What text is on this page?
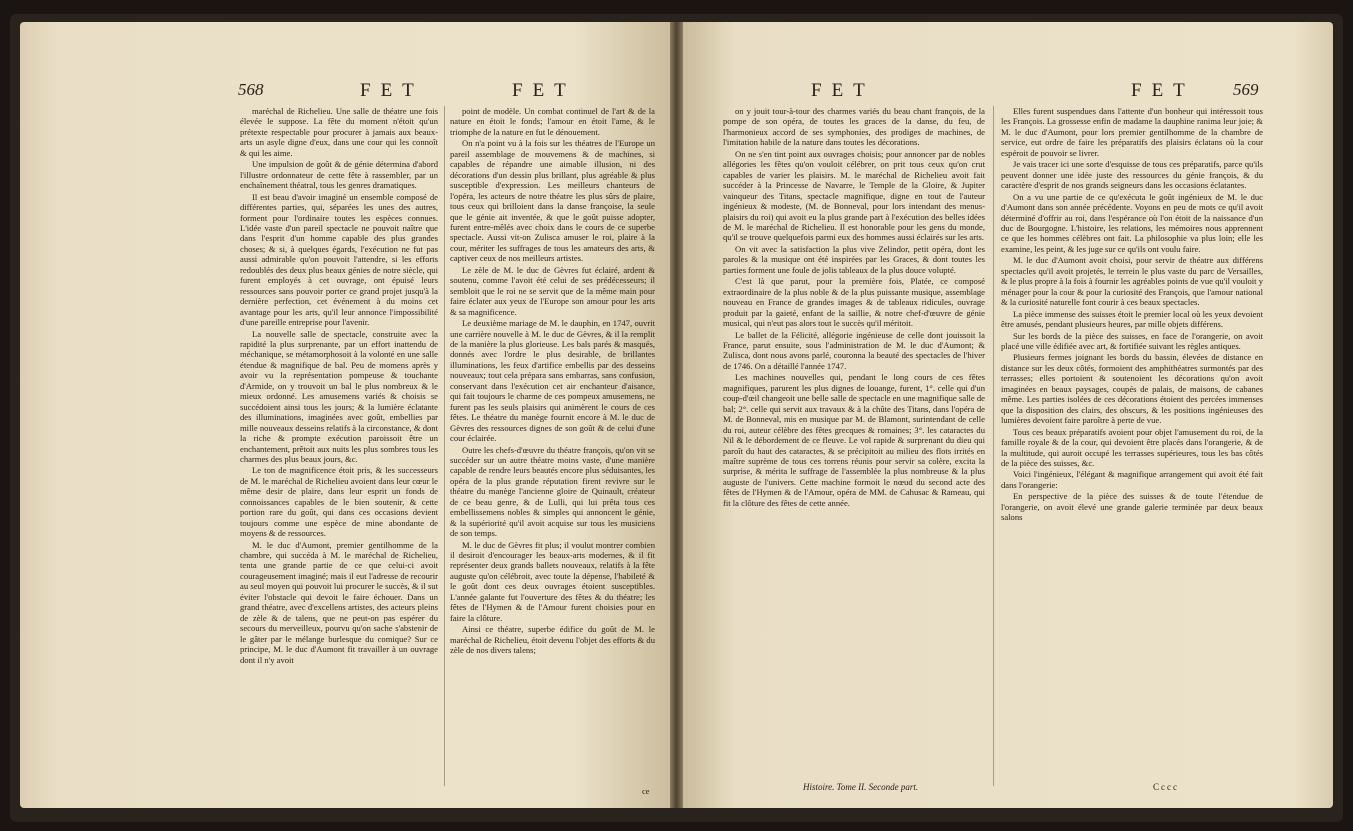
568	FET	FET

maréchal de Richelieu. Une salle de théatre une fois élevée le suppose. La fête du moment n'étoit qu'un prétexte respectable pour procurer à jamais aux beaux-arts un asyle digne d'eux, dans une cour qui les connoît & qui les aime.

Une impulsion de goût & de génie détermina d'abord l'illustre ordonnateur de cette fête à rassembler, par un enchaînement théatral, tous les genres dramatiques.

Il est beau d'avoir imaginé un ensemble composé de différentes parties, qui, séparées les unes des autres, forment pour l'ordinaire toutes les espèces connues. L'idée vaste d'un pareil spectacle ne pouvoit naître que dans l'esprit d'un homme capable des plus grandes choses; & si, à quelques égards, l'exécution ne fut pas aussi admirable qu'on pouvoit l'attendre, si les efforts redoublés des deux plus beaux génies de notre siècle, qui furent employés à cet ouvrage, ont épuisé leurs ressources sans pouvoir porter ce grand projet jusqu'à la dernière perfection, cet événement à du moins cet avantage pour les arts, qu'il leur annonce l'impossibilité d'une pareille entreprise pour l'avenir.

La nouvelle salle de spectacle, construite avec la rapidité la plus surprenante, par un effort inattendu de méchanique, se métamorphosoit à la volonté en une salle étendue & magnifique de bal. Peu de momens après y avoir vu la représentation pompeuse & touchante d'Armide, on y trouvoit un bal le plus nombreux & le mieux ordonné. Les amusemens variés & choisis se succédoient ainsi tous les jours; & la lumière éclatante des illuminations, imaginées avec goût, embellies par mille nouveaux desseins relatifs à la circonstance, & dont la riche & prompte exécution paroissoit être un enchantement, prêtoit aux nuits les plus sombres tous les charmes des plus beaux jours, &c.

Le ton de magnificence étoit pris, & les successeurs de M. le maréchal de Richelieu avoient dans leur cœur le même desir de plaire, dans leur esprit un fonds de connoissances capables de le bien soutenir, & cette portion rare du goût, qui dans ces occasions devient toujours comme une espèce de mine abondante de moyens & de ressources.

M. le duc d'Aumont, premier gentilhomme de la chambre, qui succéda à M. le maréchal de Richelieu, tenta une grande partie de ce que celui-ci avoit courageusement imaginé; mais il eut l'adresse de recourir au seul moyen qui pouvoit lui procurer le succès, & il sut éviter l'obstacle qui devoit le faire échouer. Dans un grand théatre, avec d'excellens artistes, des acteurs pleins de zèle & de talens, que ne peut-on pas espérer du secours du merveilleux, pourvu qu'on sache s'abstenir de le gâter par le mélange burlesque du comique? Sur ce principe, M. le duc d'Aumont fit travailler à un ouvrage dont il n'y avoit

point de modèle. Un combat continuel de l'art & de la nature en étoit le fonds; l'amour en étoit l'ame, & le triomphe de la nature en fut le dénouement.

On n'a point vu à la fois sur les théatres de l'Europe un pareil assemblage de mouvemens & de machines, si capables de répandre une aimable illusion, ni des décorations d'un dessin plus brillant, plus agréable & plus susceptible d'expression. Les meilleurs chanteurs de l'opéra, les acteurs de notre théatre les plus sûrs de plaire, tous ceux qui brilloient dans la danse françoise, la seule que le génie ait inventée, & que le goût puisse adopter, furent entre-mêlés avec choix dans le cours de ce superbe spectacle. Aussi vit-on Zulisca amuser le roi, plaire à la cour, mériter les suffrages de tous les amateurs des arts, & captiver ceux de nos meilleurs artistes.

Le zèle de M. le duc de Gèvres fut éclairé, ardent & soutenu, comme l'avoit été celui de ses prédécesseurs; il sembloit que le roi ne se servit que de la même main pour faire éclater aux yeux de l'Europe son amour pour les arts & sa magnificence.

Le deuxième mariage de M. le dauphin, en 1747, ouvrit une carrière nouvelle à M. le duc de Gèvres, & il la remplit de la manière la plus glorieuse. Les bals parés & masqués, donnés avec l'ordre le plus desirable, de brillantes illuminations, les feux d'artifice embellis par des desseins nouveaux; tout cela prépara sans embarras, sans confusion, conservant dans l'exécution cet air enchanteur d'aisance, qui fait toujours le charme de ces pompeux amusemens, ne furent pas les seuls plaisirs qui animèrent le cours de ces fêtes. Le théatre du manège fournit encore à M. le duc de Gèvres des ressources dignes de son goût & de celui d'une cour éclairée.

Outre les chefs-d'œuvre du théatre françois, qu'on vit se succéder sur un autre théatre moins vaste, d'une manière capable de rendre leurs beautés encore plus séduisantes, les opéra de la plus grande réputation firent revivre sur le théatre du manège l'ancienne gloire de Quinault, créateur de ce beau genre, & de Lulli, qui lui prêta tous ces embellissemens nobles & simples qui annoncent le génie, & la supériorité qu'il avoit acquise sur tous les musiciens de son temps.

M. le duc de Gèvres fit plus; il voulut montrer combien il desiroit d'encourager les beaux-arts modernes, & il fit représenter deux grands ballets nouveaux, relatifs à la fête auguste qu'on célébroit, avec toute la dépense, l'habileté & le goût dont ces deux ouvrages étoient susceptibles. L'année galante fut l'ouverture des fêtes & du théatre; les fêtes de l'Hymen & de l'Amour furent choisies pour en faire la clôture.

Ainsi ce théatre, superbe édifice du goût de M. le maréchal de Richelieu, étoit devenu l'objet des efforts & du zèle de nos divers talens;

ce
FET	FET 569

on y jouit tour-à-tour des charmes variés du beau chant françois, de la pompe de son opéra, de toutes les graces de la danse, du feu, de l'harmonieux accord de ses symphonies, des prodiges de machines, de l'imitation habile de la nature dans toutes les décorations.

On ne s'en tint point aux ouvrages choisis; pour annoncer par de nobles allégories les fêtes qu'on vouloit célébrer, on prit tous ceux qu'on crut capables de varier les plaisirs. M. le maréchal de Richelieu avoit fait succéder à la Princesse de Navarre, le Temple de la Gloire, & Jupiter vainqueur des Titans, spectacle magnifique, digne en tout de l'auteur ingénieux & modeste, (M. de Bonneval, pour lors intendant des menus-plaisirs du roi) qui avoit eu la plus grande part à l'exécution des belles idées de M. le maréchal de Richelieu. Il est honorable pour les gens du monde, qu'il se trouve quelquefois parmi eux des hommes aussi éclairés sur les arts.

On vit avec la satisfaction la plus vive Zelindor, petit opéra, dont les paroles & la musique ont été inspirées par les Graces, & dont toutes les parties forment une foule de jolis tableaux de la plus douce volupté.

C'est là que parut, pour la première fois, Platée, ce composé extraordinaire de la plus noble & de la plus puissante musique, assemblage nouveau en France de grandes images & de tableaux ridicules, ouvrage produit par la gaieté, enfant de la saillie, & notre chef-d'œuvre de génie musical, qui n'eut pas alors tout le succès qu'il méritoit.

Le ballet de la Félicité, allégorie ingénieuse de celle dont jouissoit la France, parut ensuite, sous l'administration de M. le duc d'Aumont; & Zulisca, dont nous avons parlé, couronna la beauté des spectacles de l'hiver de 1746. On a détaillé l'année 1747.

Les machines nouvelles qui, pendant le long cours de ces fêtes magnifiques, parurent les plus dignes de louange, furent, 1°. celle qui d'un coup-d'œil changeoit une belle salle de spectacle en une magnifique salle de bal; 2°. celle qui servit aux travaux & à la chûte des Titans, dans l'opéra de M. de Bonneval, mis en musique par M. de Blamont, surintendant de celle du roi, auteur célèbre des fêtes grecques & romaines; 3°. les cataractes du Nil & le débordement de ce fleuve. Le vol rapide & surprenant du dieu qui paroît du haut des cataractes, & se précipitoit au milieu des flots irrités en maître suprème de tous ces torrens réunis pour servir sa colère, excita la surprise, & mérita le suffrage de l'assemblée la plus nombreuse & la plus auguste de l'univers. Cette machine formoit le nœud du second acte des fêtes de l'Hymen & de l'Amour, opéra de MM. de Cahusac & Rameau, qui fit la clôture des fêtes de cette année.

Elles furent suspendues dans l'attente d'un bonheur qui intéressoit tous les François. La grossesse enfin de madame la dauphine ranima leur joie; & M. le duc d'Aumont, pour lors premier gentilhomme de la chambre de service, eut ordre de faire les préparatifs des plaisirs éclatans où la cour espéroit de pouvoir se livrer.

Je vais tracer ici une sorte d'esquisse de tous ces préparatifs, parce qu'ils peuvent donner une idée juste des ressources du génie françois, & du caractère d'esprit de nos grands seigneurs dans les occasions éclatantes.

On a vu une partie de ce qu'exécuta le goût ingénieux de M. le duc d'Aumont dans son année précédente. Voyons en peu de mots ce qu'il avoit déterminé d'offrir au roi, dans l'espérance où l'on étoit de la naissance d'un duc de Bourgogne. L'histoire, les relations, les mémoires nous apprennent ce que les hommes célèbres ont fait. La philosophie va plus loin; elle les examine, les peint, & les juge sur ce qu'ils ont voulu faire.

M. le duc d'Aumont avoit choisi, pour servir de théatre aux différens spectacles qu'il avoit projetés, le terrein le plus vaste du parc de Versailles, & le plus propre à la fois à fournir les agréables points de vue qu'il vouloit y ménager pour la cour & pour la curiosité des François, que l'amour national & la curiosité naturelle font courir à ces beaux spectacles.

La pièce immense des suisses étoit le premier local où les yeux devoient être amusés, pendant plusieurs heures, par mille objets différens.

Sur les bords de la pièce des suisses, en face de l'orangerie, on avoit placé une ville édifiée avec art, & fortifiée suivant les règles antiques.

Plusieurs fermes joignant les bords du bassin, élevées de distance en distance sur les deux côtés, formoient des amphithéatres surmontés par des terrasses; elles portoient & soutenoient les décorations qu'on avoit imaginées en beaux paysages, coupés de palais, de maisons, de cabanes même. Les parties isolées de ces décorations étoient des percées immenses que la disposition des clairs, des obscurs, & les positions ingénieuses des lumières devoient faire paroître à perte de vue.

Tous ces beaux préparatifs avoient pour objet l'amusement du roi, de la famille royale & de la cour, qui devoient être placés dans l'orangerie, & de la multitude, qui auroit occupé les terrasses supérieures, tous les bas côtés de la pièce des suisses, &c.

Voici l'ingénieux, l'élégant & magnifique arrangement qui avoit été fait dans l'orangerie:

En perspective de la pièce des suisses & de toute l'étendue de l'orangerie, on avoit élevé une grande galerie terminée par deux beaux salons

Histoire. Tome II. Seconde part.	Cccc
